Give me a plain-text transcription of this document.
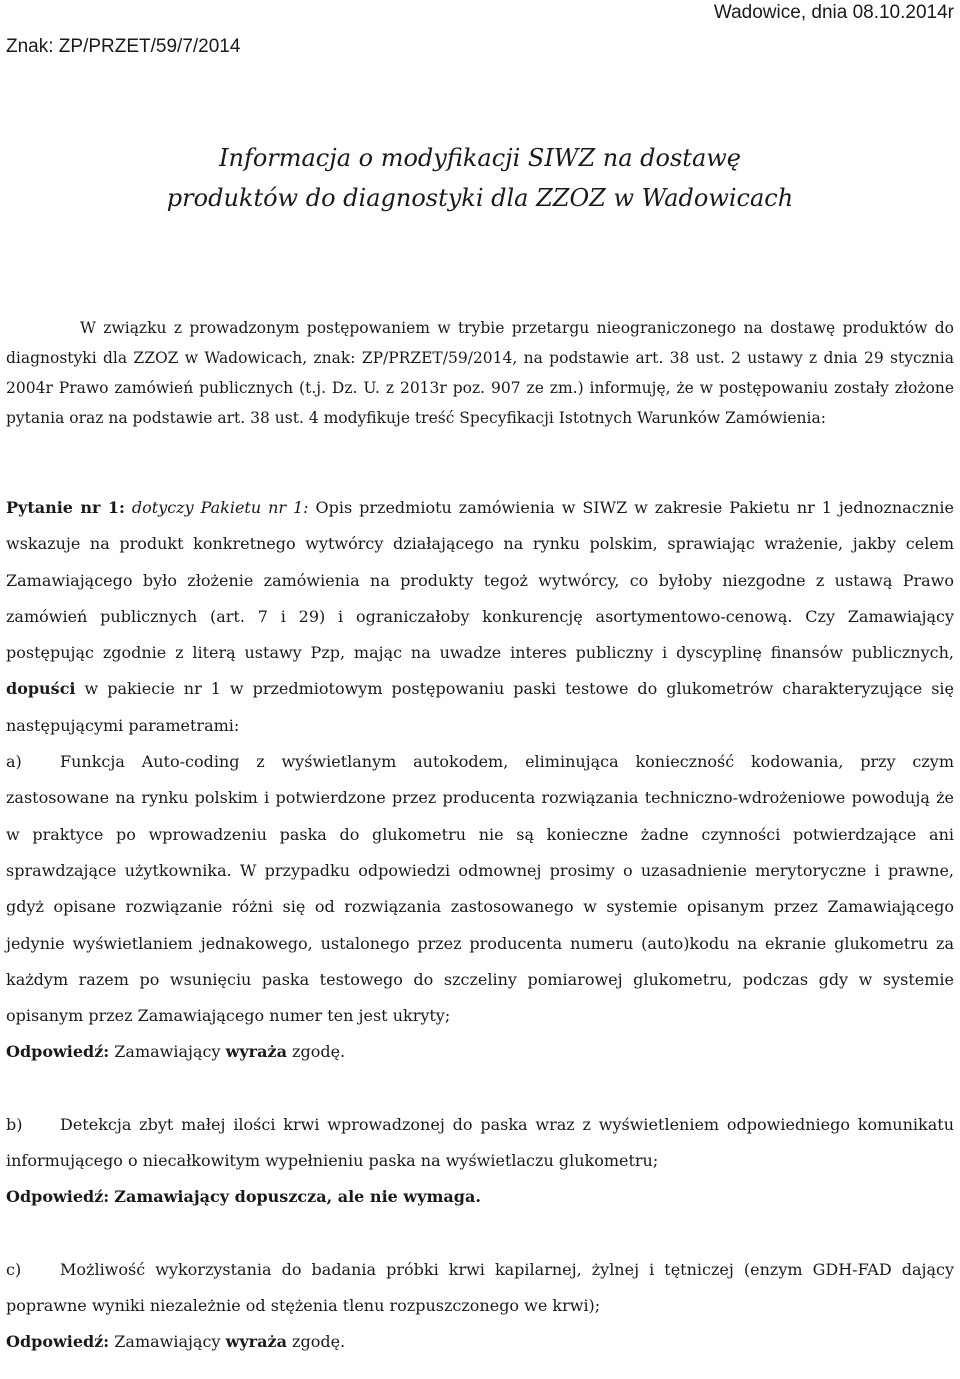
Wadowice, dnia 08.10.2014r

Znak: ZP/PRZET/59/7/2014

Informacja o modyfikacji SIWZ na dostawę
produktów do diagnostyki dla ZZOZ w Wadowicach

W związku z prowadzonym postępowaniem w trybie przetargu nieograniczonego na dostawę produktów do diagnostyki dla ZZOZ w Wadowicach, znak: ZP/PRZET/59/2014, na podstawie art. 38 ust. 2 ustawy z dnia 29 stycznia 2004r Prawo zamówień publicznych (t.j. Dz. U. z 2013r poz. 907 ze zm.) informuję, że w postępowaniu zostały złożone pytania oraz na podstawie art. 38 ust. 4 modyfikuje treść Specyfikacji Istotnych Warunków Zamówienia:

Pytanie nr 1: dotyczy Pakietu nr 1: Opis przedmiotu zamówienia w SIWZ w zakresie Pakietu nr 1 jednoznacznie wskazuje na produkt konkretnego wytwórcy działającego na rynku polskim, sprawiając wrażenie, jakby celem Zamawiającego było złożenie zamówienia na produkty tegoż wytwórcy, co byłoby niezgodne z ustawą Prawo zamówień publicznych (art. 7 i 29) i ograniczałoby konkurencję asortymentowo-cenową. Czy Zamawiający postępując zgodnie z literą ustawy Pzp, mając na uwadze interes publiczny i dyscyplinę finansów publicznych, dopuści w pakiecie nr 1 w przedmiotowym postępowaniu paski testowe do glukometrów charakteryzujące się następującymi parametrami:

a) Funkcja Auto-coding z wyświetlanym autokodem, eliminująca konieczność kodowania, przy czym zastosowane na rynku polskim i potwierdzone przez producenta rozwiązania techniczno-wdrożeniowe powodują że w praktyce po wprowadzeniu paska do glukometru nie są konieczne żadne czynności potwierdzające ani sprawdzające użytkownika. W przypadku odpowiedzi odmownej prosimy o uzasadnienie merytoryczne i prawne, gdyż opisane rozwiązanie różni się od rozwiązania zastosowanego w systemie opisanym przez Zamawiającego jedynie wyświetlaniem jednakowego, ustalonego przez producenta numeru (auto)kodu na ekranie glukometru za każdym razem po wsunięciu paska testowego do szczeliny pomiarowej glukometru, podczas gdy w systemie opisanym przez Zamawiającego numer ten jest ukryty;

Odpowiedź: Zamawiający wyraża zgodę.

b) Detekcja zbyt małej ilości krwi wprowadzonej do paska wraz z wyświetleniem odpowiedniego komunikatu informującego o niecałkowitym wypełnieniu paska na wyświetlaczu glukometru;

Odpowiedź: Zamawiający dopuszcza, ale nie wymaga.

c) Możliwość wykorzystania do badania próbki krwi kapilarnej, żylnej i tętniczej (enzym GDH-FAD dający poprawne wyniki niezależnie od stężenia tlenu rozpuszczonego we krwi);

Odpowiedź: Zamawiający wyraża zgodę.
